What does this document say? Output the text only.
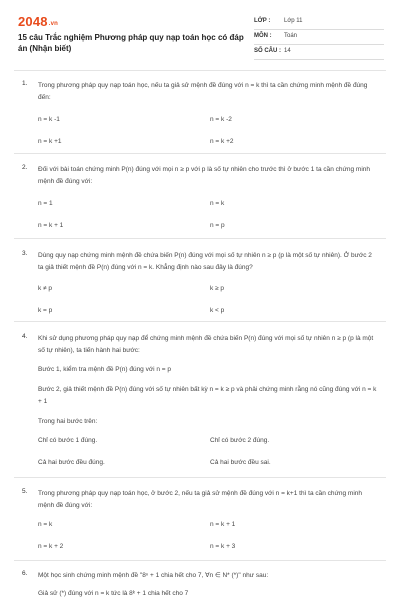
2048.vn
15 câu Trắc nghiệm Phương pháp quy nạp toán học có đáp án (Nhận biết)
LỚP : Lớp 11
MÔN : Toán
SỐ CÂU : 14
1. Trong phương pháp quy nạp toán học, nếu ta giả sử mệnh đề đúng với n = k thì ta cần chứng minh mệnh đề đúng đến:
n = k -1	n = k -2
n = k +1	n = k +2
2. Đối với bài toán chứng minh P(n) đúng với mọi n ≥ p với p là số tự nhiên cho trước thì ở bước 1 ta cần chứng minh mệnh đề đúng với:
n = 1	n = k
n = k + 1	n = p
3. Dùng quy nạp chứng minh mệnh đề chứa biến P(n) đúng với mọi số tự nhiên n ≥ p (p là một số tự nhiên). Ở bước 2 ta giả thiết mệnh đề P(n) đúng với n = k. Khẳng định nào sau đây là đúng?
k ≠ p	k ≥ p
k = p	k < p
4. Khi sử dụng phương pháp quy nạp để chứng minh mệnh đề chứa biến P(n) đúng với mọi số tự nhiên n ≥ p (p là một số tự nhiên), ta tiến hành hai bước:
Bước 1, kiểm tra mệnh đề P(n) đúng với n = p
Bước 2, giả thiết mệnh đề P(n) đúng với số tự nhiên bất kỳ n = k ≥ p và phải chứng minh rằng nó cũng đúng với n = k + 1
Trong hai bước trên:
Chỉ có bước 1 đúng.	Chỉ có bước 2 đúng.
Cả hai bước đều đúng.	Cả hai bước đều sai.
5. Trong phương pháp quy nạp toán học, ở bước 2, nếu ta giả sử mệnh đề đúng với n = k+1 thì ta cần chứng minh mệnh đề đúng với:
n = k	n = k + 1
n = k + 2	n = k + 3
6. Một học sinh chứng minh mệnh đề "8ⁿ + 1 chia hết cho 7, ∀n ∈ N* (*)" như sau:
Giả sử (*) đúng với n = k tức là 8ᵏ + 1 chia hết cho 7
